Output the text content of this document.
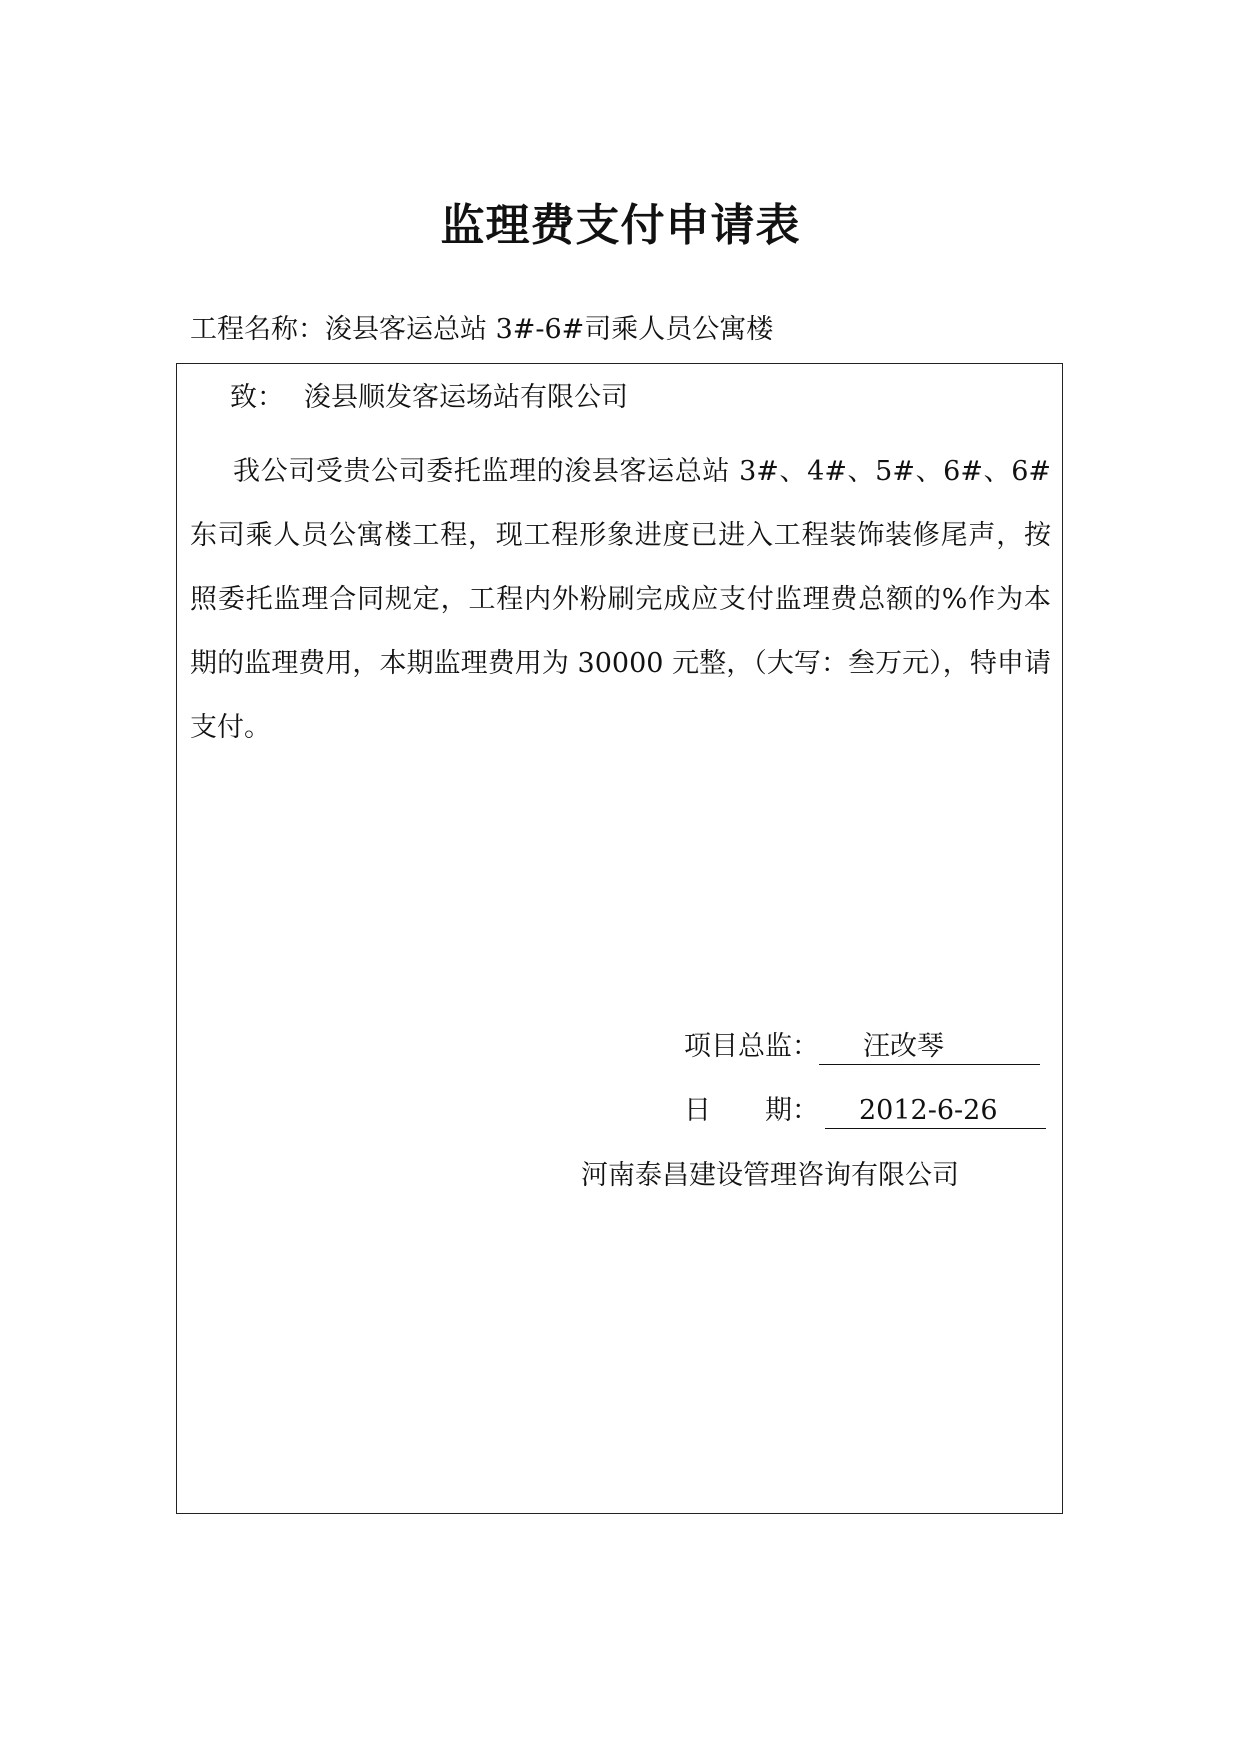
监理费支付申请表
工程名称：浚县客运总站 3#-6#司乘人员公寓楼
致： 浚县顺发客运场站有限公司

我公司受贵公司委托监理的浚县客运总站 3#、4#、5#、6#、6#东司乘人员公寓楼工程，现工程形象进度已进入工程装饰装修尾声，按照委托监理合同规定，工程内外粉刷完成应支付监理费总额的%作为本期的监理费用，本期监理费用为 30000 元整，（大写：叁万元），特申请支付。

项目总监： 汪改琴
日　　期： 2012-6-26
河南泰昌建设管理咨询有限公司
